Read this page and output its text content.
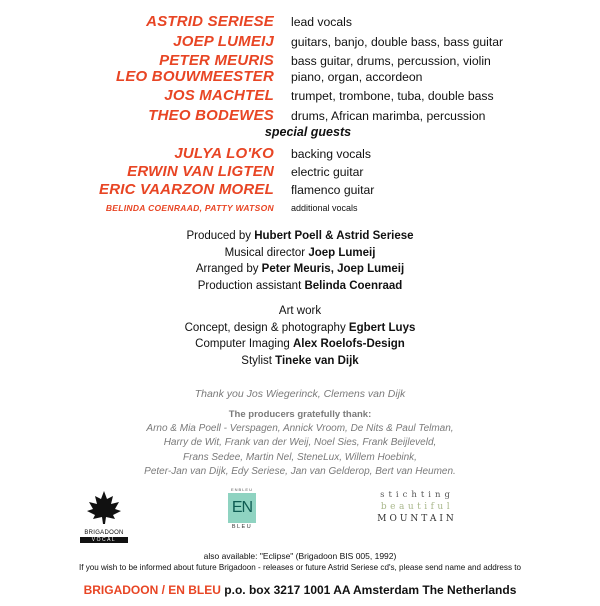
ASTRID SERIESE lead vocals
JOEP LUMEIJ guitars, banjo, double bass, bass guitar
PETER MEURIS bass guitar, drums, percussion, violin
LEO BOUWMEESTER piano, organ, accordeon
JOS MACHTEL trumpet, trombone, tuba, double bass
THEO BODEWES drums, African marimba, percussion
special guests
JULYA LO'KO backing vocals
ERWIN VAN LIGTEN electric guitar
ERIC VAARZON MOREL flamenco guitar
BELINDA COENRAAD, PATTY WATSON additional vocals
Produced by Hubert Poell & Astrid Seriese
Musical director Joep Lumeij
Arranged by Peter Meuris, Joep Lumeij
Production assistant Belinda Coenraad
Art work
Concept, design & photography Egbert Luys
Computer Imaging Alex Roelofs-Design
Stylist Tineke van Dijk
Thank you Jos Wiegerinck, Clemens van Dijk
The producers gratefully thank:
Arno & Mia Poell - Verspagen, Annick Vroom, De Nits & Paul Telman,
Harry de Wit, Frank van der Weij, Noel Sies, Frank Beijleveld,
Frans Sedee, Martin Nel, SteneLux, Willem Hoebink,
Peter-Jan van Dijk, Edy Seriese, Jan van Gelderop, Bert van Heumen.
BRIGADOON
VOCAL
ENBLEU
EN
BLEU
stichting
beautiful
MOUNTAIN
also available: "Eclipse" (Brigadoon BIS 005, 1992)
If you wish to be informed about future Brigadoon - releases or future Astrid Seriese cd's, please send name and address to
BRIGADOON / EN BLEU p.o. box 3217 1001 AA Amsterdam The Netherlands
